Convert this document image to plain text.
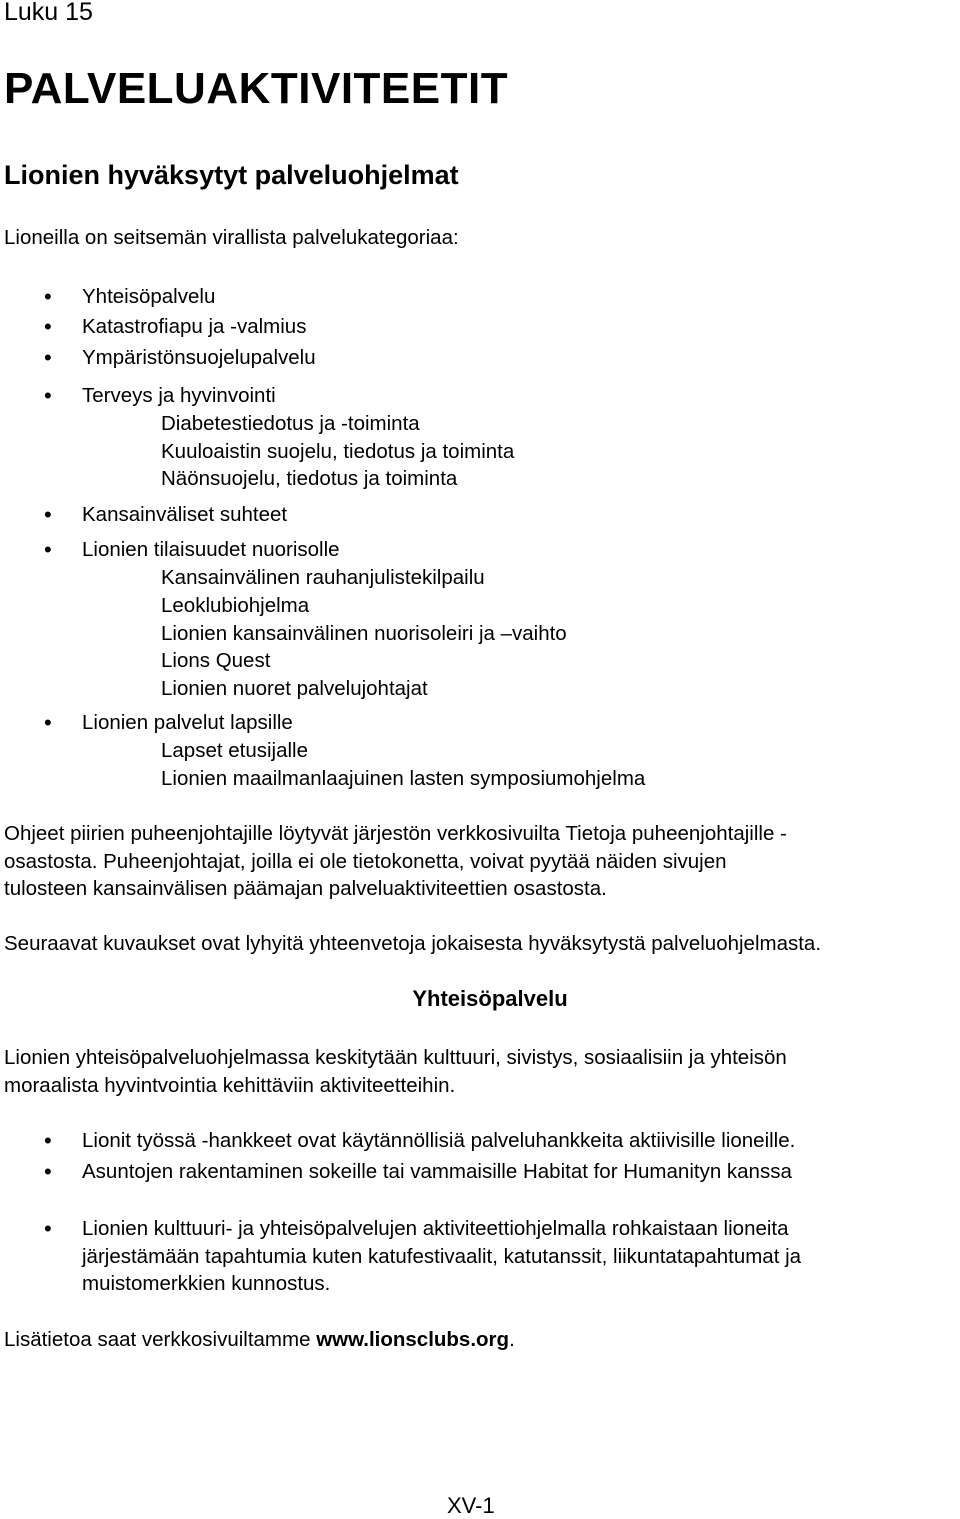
Luku 15
PALVELUAKTIVITEETIT
Lionien hyväksytyt palveluohjelmat
Lioneilla on seitsemän virallista palvelukategoriaa:
• Yhteisöpalvelu
• Katastrofiapu ja -valmius
• Ympäristönsuojelupalvelu
• Terveys ja hyvinvointi
Diabetestiedotus ja -toiminta
Kuuloaistin suojelu, tiedotus ja toiminta
Näönsuojelu, tiedotus ja toiminta
• Kansainväliset suhteet
• Lionien tilaisuudet nuorisolle
Kansainvälinen rauhanjulistekilpailu
Leoklubiohjelma
Lionien kansainvälinen nuorisoleiri ja –vaihto
Lions Quest
Lionien nuoret palvelujohtajat
• Lionien palvelut lapsille
Lapset etusijalle
Lionien maailmanlaajuinen lasten symposiumohjelma
Ohjeet piirien puheenjohtajille löytyvät järjestön verkkosivuilta Tietoja puheenjohtajille -
osastosta. Puheenjohtajat, joilla ei ole tietokonetta, voivat pyytää näiden sivujen
tulosteen kansainvälisen päämajan palveluaktiviteettien osastosta.
Seuraavat kuvaukset ovat lyhyitä yhteenvetoja jokaisesta hyväksytystä palveluohjelmasta.
Yhteisöpalvelu
Lionien yhteisöpalveluohjelmassa keskitytään kulttuuri, sivistys, sosiaalisiin ja yhteisön
moraalista hyvintvointia kehittäviin aktiviteetteihin.
• Lionit työssä -hankkeet ovat käytännöllisiä palveluhankkeita aktiivisille lioneille.
• Asuntojen rakentaminen sokeille tai vammaisille Habitat for Humanityn kanssa
• Lionien kulttuuri- ja yhteisöpalvelujen aktiviteettiohjelmalla rohkaistaan lioneita
järjestämään tapahtumia kuten katufestivaalit, katutanssit, liikuntatapahtumat ja
muistomerkkien kunnostus.
Lisätietoa saat verkkosivuiltamme www.lionsclubs.org.
XV-1
